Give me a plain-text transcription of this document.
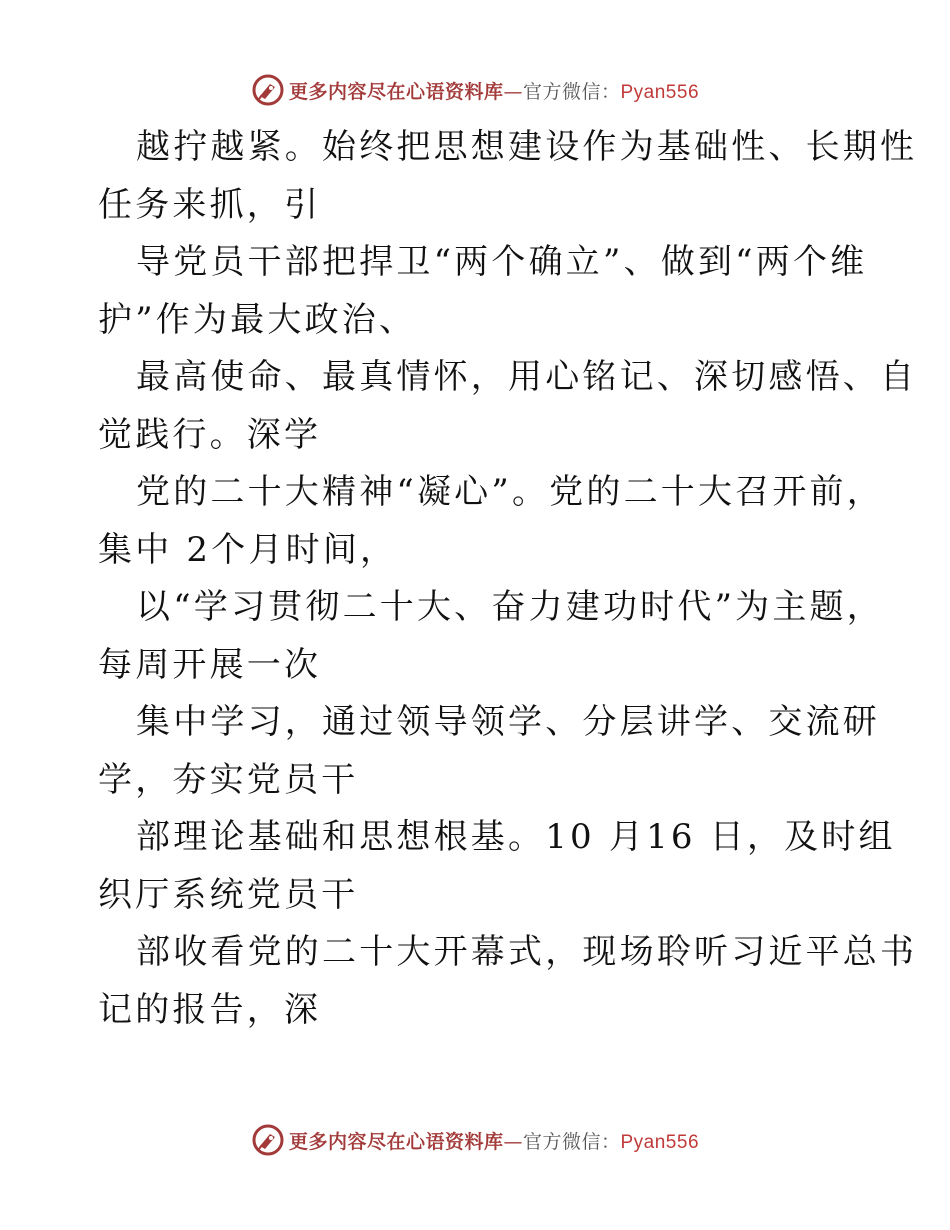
更多内容尽在心语资料库—官方微信：Pyan556
越拧越紧。始终把思想建设作为基础性、长期性
任务来抓，引
导党员干部把捍卫“两个确立”、做到“两个维
护”作为最大政治、
最高使命、最真情怀，用心铭记、深切感悟、自
觉践行。深学
党的二十大精神“凝心”。党的二十大召开前，
集中 2个月时间，
以“学习贯彻二十大、奋力建功时代”为主题，
每周开展一次
集中学习，通过领导领学、分层讲学、交流研
学，夯实党员干
部理论基础和思想根基。10 月16 日，及时组
织厅系统党员干
部收看党的二十大开幕式，现场聆听习近平总书
记的报告，深
更多内容尽在心语资料库—官方微信：Pyan556
